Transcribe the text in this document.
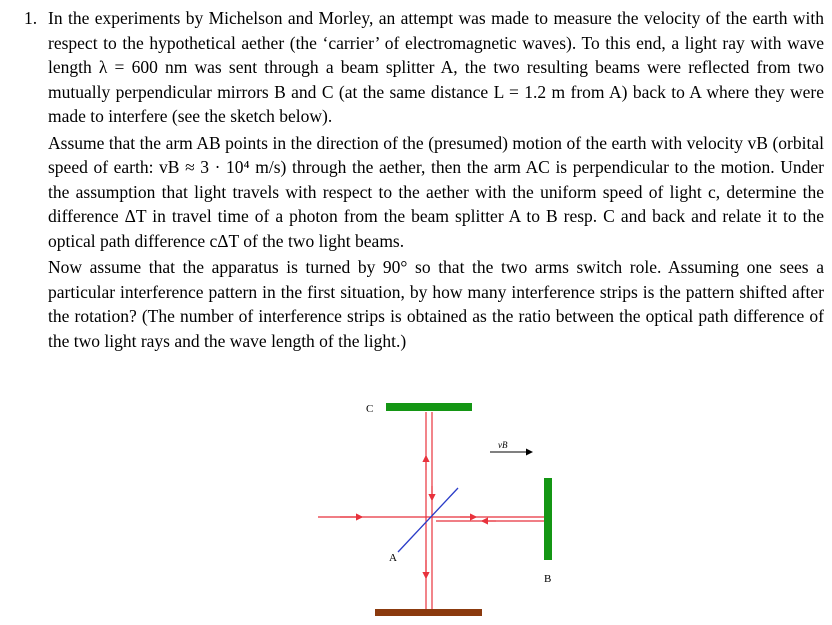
1. In the experiments by Michelson and Morley, an attempt was made to measure the velocity of the earth with respect to the hypothetical aether (the ‘carrier’ of electromagnetic waves). To this end, a light ray with wave length λ = 600 nm was sent through a beam splitter A, the two resulting beams were reflected from two mutually perpendicular mirrors B and C (at the same distance L = 1.2 m from A) back to A where they were made to interfere (see the sketch below).

Assume that the arm AB points in the direction of the (presumed) motion of the earth with velocity vB (orbital speed of earth: vB ≈ 3 · 10⁴ m/s) through the aether, then the arm AC is perpendicular to the motion. Under the assumption that light travels with respect to the aether with the uniform speed of light c, determine the difference ΔT in travel time of a photon from the beam splitter A to B resp. C and back and relate it to the optical path difference cΔT of the two light beams.

Now assume that the apparatus is turned by 90° so that the two arms switch role. Assuming one sees a particular interference pattern in the first situation, by how many interference strips is the pattern shifted after the rotation? (The number of interference strips is obtained as the ratio between the optical path difference of the two light rays and the wave length of the light.)

C
A
B
vB
